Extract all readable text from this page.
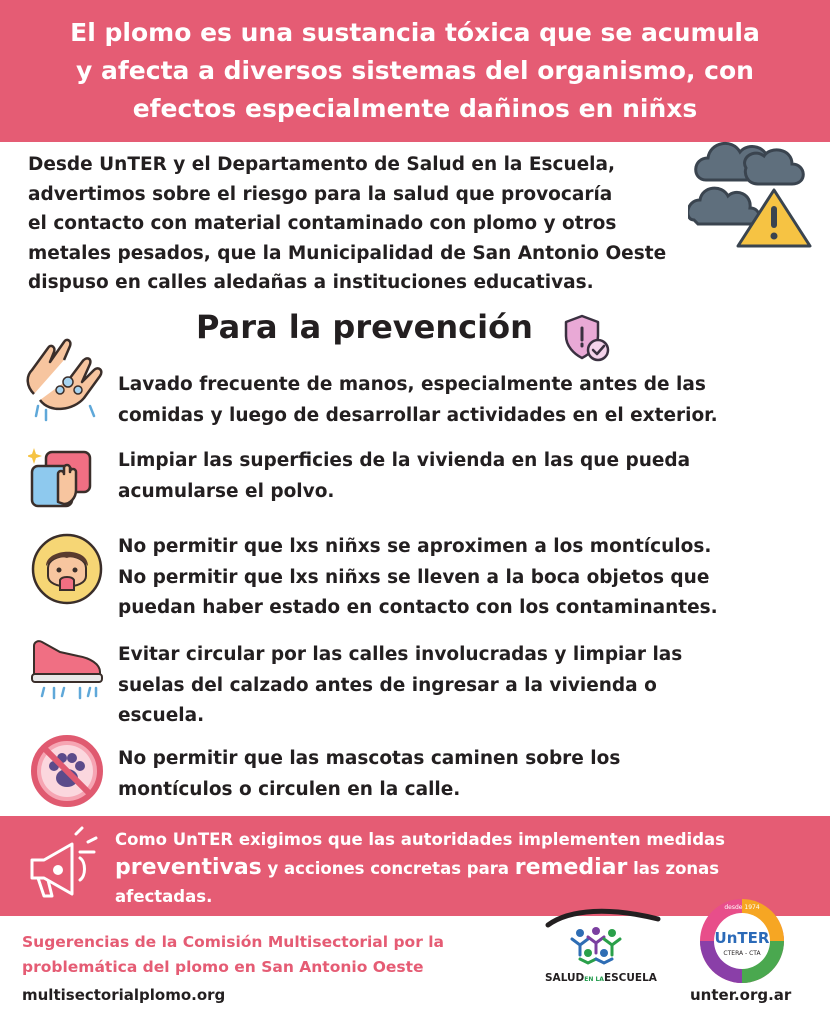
El plomo es una sustancia tóxica que se acumula
y afecta a diversos sistemas del organismo, con
efectos especialmente dañinos en niñxs
Desde UnTER y el Departamento de Salud en la Escuela,
advertimos sobre el riesgo para la salud que provocaría
el contacto con material contaminado con plomo y otros
metales pesados, que la Municipalidad de San Antonio Oeste
dispuso en calles aledañas a instituciones educativas.
Para la prevención
Lavado frecuente de manos, especialmente antes de las
comidas y luego de desarrollar actividades en el exterior.
Limpiar las superficies de la vivienda en las que pueda
acumularse el polvo.
No permitir que lxs niñxs se aproximen a los montículos.
No permitir que lxs niñxs se lleven a la boca objetos que
puedan haber estado en contacto con los contaminantes.
Evitar circular por las calles involucradas y limpiar las
suelas del calzado antes de ingresar a la vivienda o
escuela.
No permitir que las mascotas caminen sobre los
montículos o circulen en la calle.
Como UnTER exigimos que las autoridades implementen medidas
preventivas y acciones concretas para remediar las zonas
afectadas.
Sugerencias de la Comisión Multisectorial por la
problemática del plomo en San Antonio Oeste
multisectorialplomo.org	unter.org.ar
SALUDEN LAESCUELA
desde 1974
UnTER
CTERA - CTA
